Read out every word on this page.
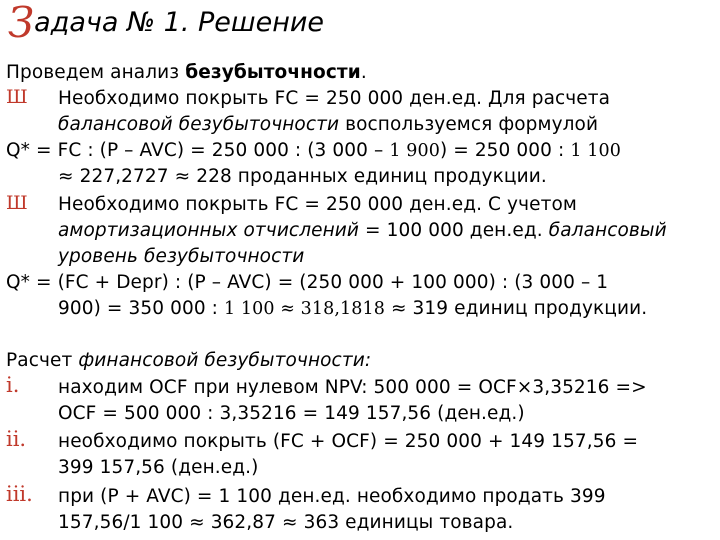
Задача № 1. Решение
Проведем анализ безубыточности.
Ш Необходимо покрыть FC = 250 000 ден.ед. Для расчета
балансовой безубыточности воспользуемся формулой
Q* = FC : (P – AVC) = 250 000 : (3 000 – 1 900) = 250 000 : 1 100
≈ 227,2727 ≈ 228 проданных единиц продукции.
Ш Необходимо покрыть FC = 250 000 ден.ед. С учетом
амортизационных отчислений = 100 000 ден.ед. балансовый
уровень безубыточности
Q* = (FC + Depr) : (P – AVC) = (250 000 + 100 000) : (3 000 – 1
900) = 350 000 : 1 100 ≈ 318,1818 ≈ 319 единиц продукции.
Расчет финансовой безубыточности:
i. находим OCF при нулевом NPV: 500 000 = OCF×3,35216 =>
OCF = 500 000 : 3,35216 = 149 157,56 (ден.ед.)
ii. необходимо покрыть (FC + OCF) = 250 000 + 149 157,56 =
399 157,56 (ден.ед.)
iii. при (P + AVC) = 1 100 ден.ед. необходимо продать 399
157,56/1 100 ≈ 362,87 ≈ 363 единицы товара.
